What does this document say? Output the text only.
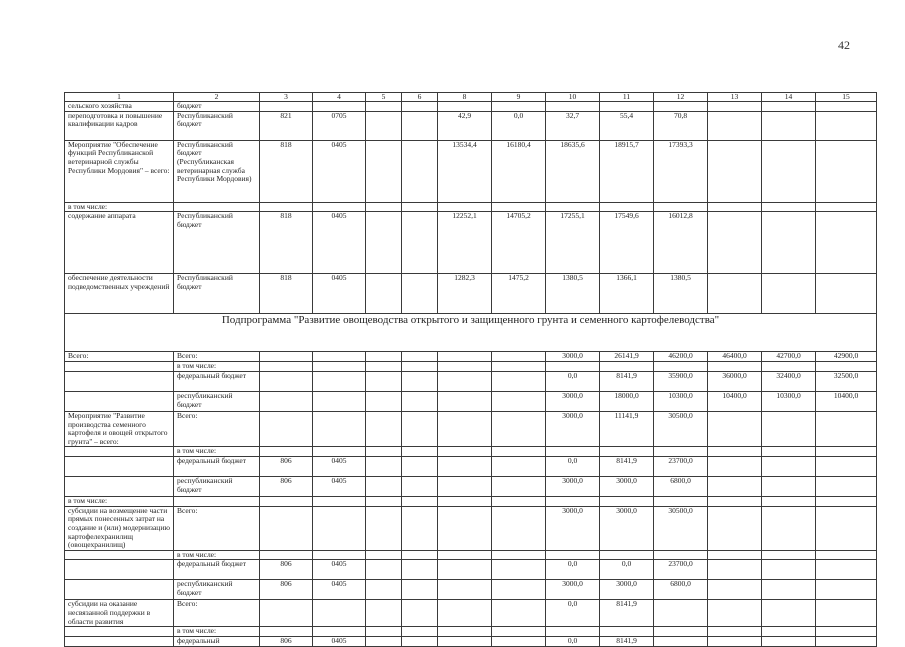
42
1	2	3	4	5	6	8	9	10	11	12	13	14	15
сельского хозяйства	бюджет												
переподготовка и повышение квалификации кадров	Республиканский бюджет	821	0705			42,9	0,0	32,7	55,4	70,8			
Мероприятие "Обеспечение функций Республиканской ветеринарной службы Республики Мордовия" – всего:	Республиканский бюджет (Республиканская ветеринарная служба Республики Мордовия)	818	0405			13534,4	16180,4	18635,6	18915,7	17393,3			
в том числе:													
содержание аппарата	Республиканский бюджет	818	0405			12252,1	14705,2	17255,1	17549,6	16012,8			
обеспечение деятельности подведомственных учреждений	Республиканский бюджет	818	0405			1282,3	1475,2	1380,5	1366,1	1380,5			
Подпрограмма "Развитие овощеводства открытого и защищенного грунта и семенного картофелеводства"													
Всего:	Всего:							3000,0	26141,9	46200,0	46400,0	42700,0	42900,0
	в том числе:												
	федеральный бюджет							0,0	8141,9	35900,0	36000,0	32400,0	32500,0
	республиканский бюджет							3000,0	18000,0	10300,0	10400,0	10300,0	10400,0
Мероприятие "Развитие производства семенного картофеля и овощей открытого грунта" – всего:	Всего:							3000,0	11141,9	30500,0			
	в том числе:												
	федеральный бюджет	806	0405					0,0	8141,9	23700,0			
	республиканский бюджет	806	0405					3000,0	3000,0	6800,0			
в том числе:													
субсидии на возмещение части прямых понесенных затрат на создание и (или) модернизацию картофелехранилищ (овощехранилищ)	Всего:							3000,0	3000,0	30500,0			
	в том числе:												
	федеральный бюджет	806	0405					0,0	0,0	23700,0			
	республиканский бюджет	806	0405					3000,0	3000,0	6800,0			
субсидии на оказание несвязанной поддержки в области развития	Всего:							0,0	8141,9				
	в том числе:												
	федеральный	806	0405					0,0	8141,9				
